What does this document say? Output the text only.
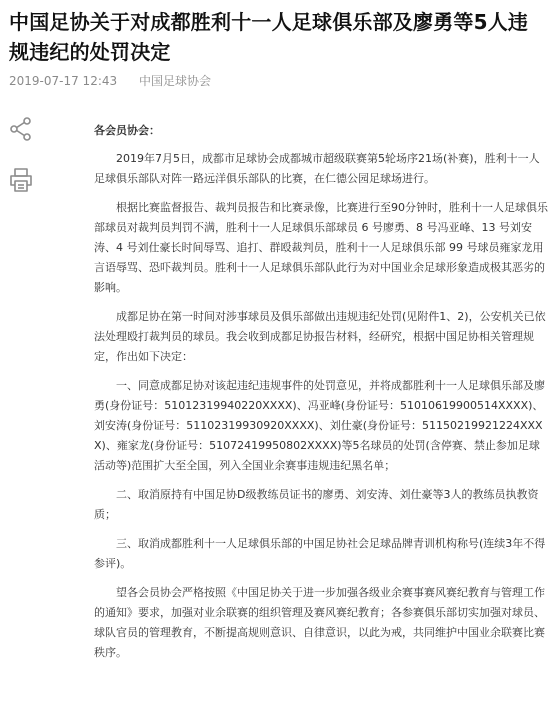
中国足协关于对成都胜利十一人足球俱乐部及廖勇等5人违规违纪的处罚决定
2019-07-17 12:43 中国足球协会

各会员协会：

2019年7月5日，成都市足球协会成都城市超级联赛第5轮场序21场(补赛)，胜利十一人足球俱乐部队对阵一路远洋俱乐部队的比赛，在仁德公园足球场进行。

根据比赛监督报告、裁判员报告和比赛录像，比赛进行至90分钟时，胜利十一人足球俱乐部球员对裁判员判罚不满，胜利十一人足球俱乐部球员 6 号廖勇、8 号冯亚峰、13 号刘安涛、4 号刘仕豪长时间辱骂、追打、群殴裁判员，胜利十一人足球俱乐部 99 号球员雍家龙用言语辱骂、恐吓裁判员。胜利十一人足球俱乐部队此行为对中国业余足球形象造成极其恶劣的影响。

成都足协在第一时间对涉事球员及俱乐部做出违规违纪处罚(见附件1、2)，公安机关已依法处理殴打裁判员的球员。我会收到成都足协报告材料，经研究，根据中国足协相关管理规定，作出如下决定：

一、同意成都足协对该起违纪违规事件的处罚意见，并将成都胜利十一人足球俱乐部及廖勇(身份证号：51012319940220XXXX)、冯亚峰(身份证号：51010619900514XXXX)、刘安涛(身份证号：51102319930920XXXX)、刘仕豪(身份证号：51150219921224XXXX)、雍家龙(身份证号：51072419950802XXXX)等5名球员的处罚(含停赛、禁止参加足球活动等)范围扩大至全国，列入全国业余赛事违规违纪黑名单；

二、取消原持有中国足协D级教练员证书的廖勇、刘安涛、刘仕豪等3人的教练员执教资质；

三、取消成都胜利十一人足球俱乐部的中国足协社会足球品牌青训机构称号(连续3年不得参评)。

望各会员协会严格按照《中国足协关于进一步加强各级业余赛事赛风赛纪教育与管理工作的通知》要求，加强对业余联赛的组织管理及赛风赛纪教育；各参赛俱乐部切实加强对球员、球队官员的管理教育，不断提高规则意识、自律意识，以此为戒，共同维护中国业余联赛比赛秩序。
